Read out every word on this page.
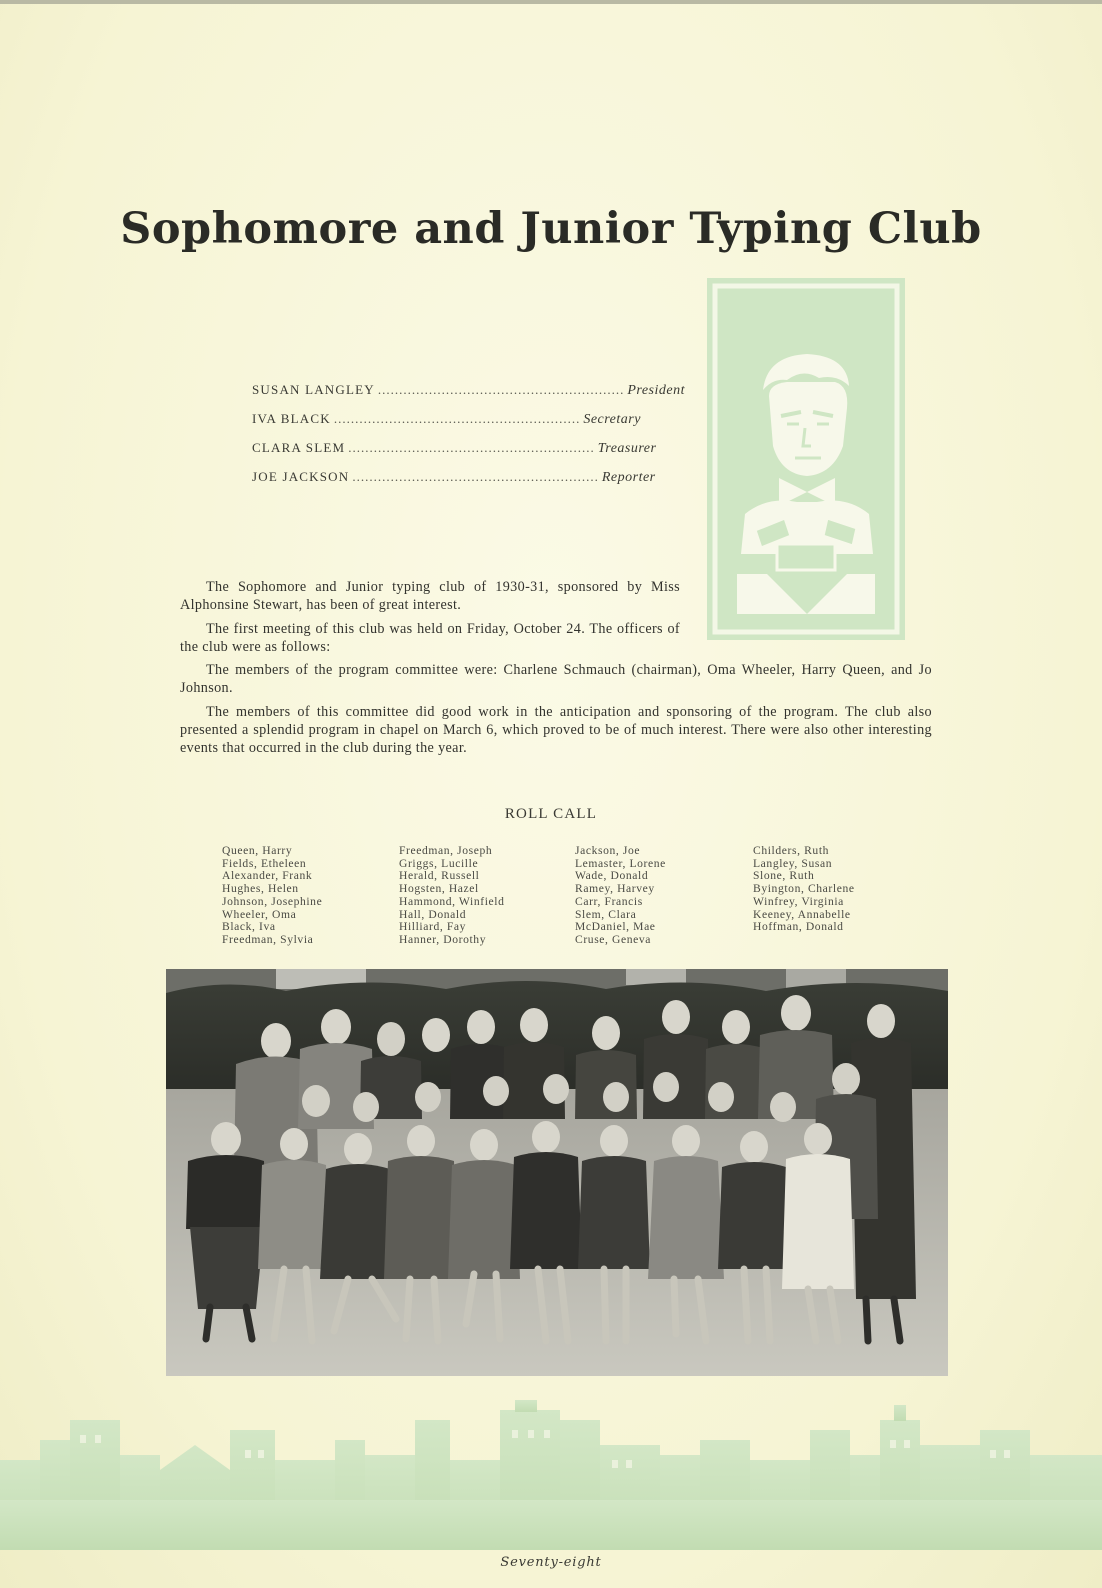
Sophomore and Junior Typing Club
SUSAN LANGLEY .......................................................... President
IVA BLACK .......................................................... Secretary
CLARA SLEM .......................................................... Treasurer
JOE JACKSON .......................................................... Reporter

The Sophomore and Junior typing club of 1930-31, sponsored by Miss Alphonsine Stewart, has been of great interest.

The first meeting of this club was held on Friday, October 24. The officers of the club were as follows:

The members of the program committee were: Charlene Schmauch (chairman), Oma Wheeler, Harry Queen, and Jo Johnson.

The members of this committee did good work in the anticipation and sponsoring of the program. The club also presented a splendid program in chapel on March 6, which proved to be of much interest. There were also other interesting events that occurred in the club during the year.

ROLL CALL
Queen, Harry
Fields, Etheleen
Alexander, Frank
Hughes, Helen
Johnson, Josephine
Wheeler, Oma
Black, Iva
Freedman, Sylvia
Freedman, Joseph
Griggs, Lucille
Herald, Russell
Hogsten, Hazel
Hammond, Winfield
Hall, Donald
Hilliard, Fay
Hanner, Dorothy
Jackson, Joe
Lemaster, Lorene
Wade, Donald
Ramey, Harvey
Carr, Francis
Slem, Clara
McDaniel, Mae
Cruse, Geneva
Childers, Ruth
Langley, Susan
Slone, Ruth
Byington, Charlene
Winfrey, Virginia
Keeney, Annabelle
Hoffman, Donald
Seventy-eight
